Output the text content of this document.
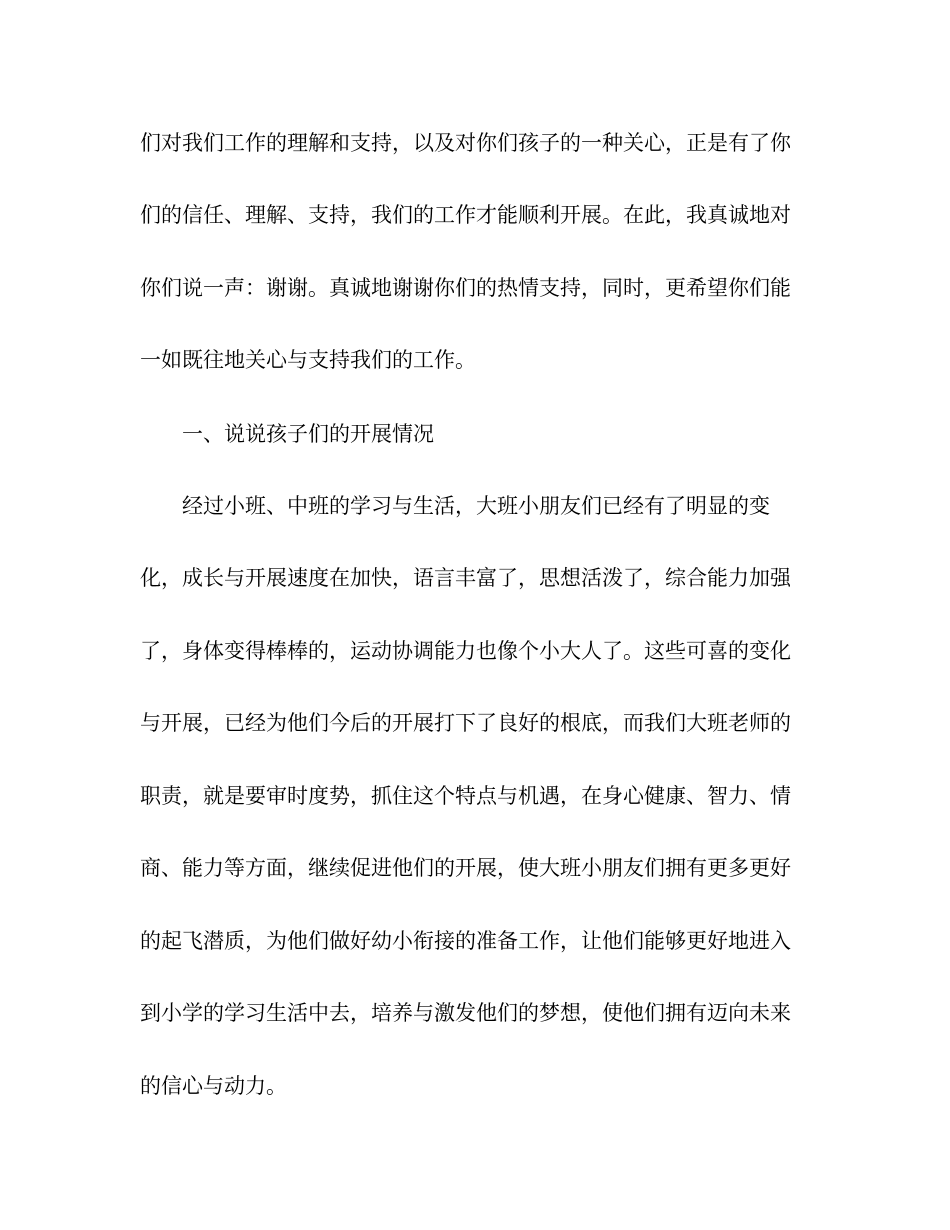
们对我们工作的理解和支持，以及对你们孩子的一种关心，正是有了你

们的信任、理解、支持，我们的工作才能顺利开展。在此，我真诚地对

你们说一声：谢谢。真诚地谢谢你们的热情支持，同时，更希望你们能

一如既往地关心与支持我们的工作。

一、说说孩子们的开展情况

经过小班、中班的学习与生活，大班小朋友们已经有了明显的变

化，成长与开展速度在加快，语言丰富了，思想活泼了，综合能力加强

了，身体变得棒棒的，运动协调能力也像个小大人了。这些可喜的变化

与开展，已经为他们今后的开展打下了良好的根底，而我们大班老师的

职责，就是要审时度势，抓住这个特点与机遇，在身心健康、智力、情

商、能力等方面，继续促进他们的开展，使大班小朋友们拥有更多更好

的起飞潜质，为他们做好幼小衔接的准备工作，让他们能够更好地进入

到小学的学习生活中去，培养与激发他们的梦想，使他们拥有迈向未来

的信心与动力。
